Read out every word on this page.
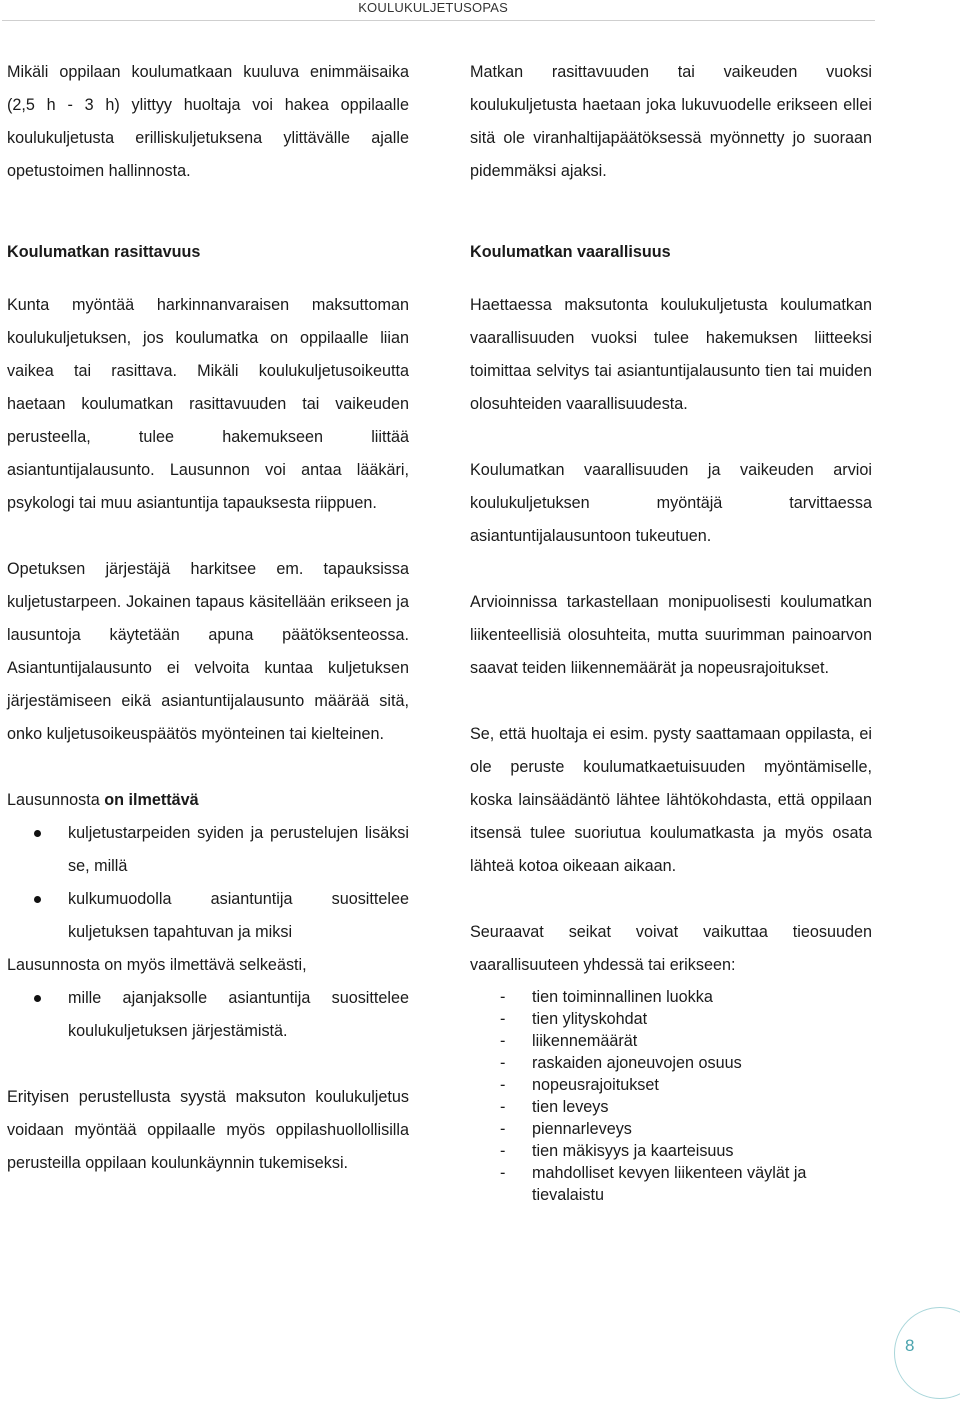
KOULUKULJETUSOPAS

Mikäli oppilaan koulumatkaan kuuluva enimmäisaika (2,5 h - 3 h) ylittyy huoltaja voi hakea oppilaalle koulukuljetusta erilliskuljetuksena ylittävälle ajalle opetustoimen hallinnosta.

Koulumatkan rasittavuus

Kunta myöntää harkinnanvaraisen maksuttoman koulukuljetuksen, jos koulumatka on oppilaalle liian vaikea tai rasittava. Mikäli koulukuljetusoikeutta haetaan koulumatkan rasittavuuden tai vaikeuden perusteella, tulee hakemukseen liittää asiantuntijalausunto. Lausunnon voi antaa lääkäri, psykologi tai muu asiantuntija tapauksesta riippuen.

Opetuksen järjestäjä harkitsee em. tapauksissa kuljetustarpeen. Jokainen tapaus käsitellään erikseen ja lausuntoja käytetään apuna päätöksenteossa. Asiantuntijalausunto ei velvoita kuntaa kuljetuksen järjestämiseen eikä asiantuntijalausunto määrää sitä, onko kuljetusoikeuspäätös myönteinen tai kielteinen.

Lausunnosta on ilmettävä

kuljetustarpeiden syiden ja perustelujen lisäksi se, millä
kulkumuodolla asiantuntija suosittelee kuljetuksen tapahtuvan ja miksi

Lausunnosta on myös ilmettävä selkeästi,

mille ajanjaksolle asiantuntija suosittelee koulukuljetuksen järjestämistä.

Erityisen perustellusta syystä maksuton koulukuljetus voidaan myöntää oppilaalle myös oppilashuollollisilla perusteilla oppilaan koulunkäynnin tukemiseksi.

Matkan rasittavuuden tai vaikeuden vuoksi koulukuljetusta haetaan joka lukuvuodelle erikseen ellei sitä ole viranhaltijapäätöksessä myönnetty jo suoraan pidemmäksi ajaksi.

Koulumatkan vaarallisuus

Haettaessa maksutonta koulukuljetusta koulumatkan vaarallisuuden vuoksi tulee hakemuksen liitteeksi toimittaa selvitys tai asiantuntijalausunto tien tai muiden olosuhteiden vaarallisuudesta.

Koulumatkan vaarallisuuden ja vaikeuden arvioi koulukuljetuksen myöntäjä tarvittaessa asiantuntijalausuntoon tukeutuen.

Arvioinnissa tarkastellaan monipuolisesti koulumatkan liikenteellisiä olosuhteita, mutta suurimman painoarvon saavat teiden liikennemäärät ja nopeusrajoitukset.

Se, että huoltaja ei esim. pysty saattamaan oppilasta, ei ole peruste koulumatkaetuisuuden myöntämiselle, koska lainsäädäntö lähtee lähtökohdasta, että oppilaan itsensä tulee suoriutua koulumatkasta ja myös osata lähteä kotoa oikeaan aikaan.

Seuraavat seikat voivat vaikuttaa tieosuuden vaarallisuuteen yhdessä tai erikseen:

- tien toiminnallinen luokka
- tien ylityskohdat
- liikennemäärät
- raskaiden ajoneuvojen osuus
- nopeusrajoitukset
- tien leveys
- piennarleveys
- tien mäkisyys ja kaarteisuus
- mahdolliset kevyen liikenteen väylät ja tievalaistu
8
